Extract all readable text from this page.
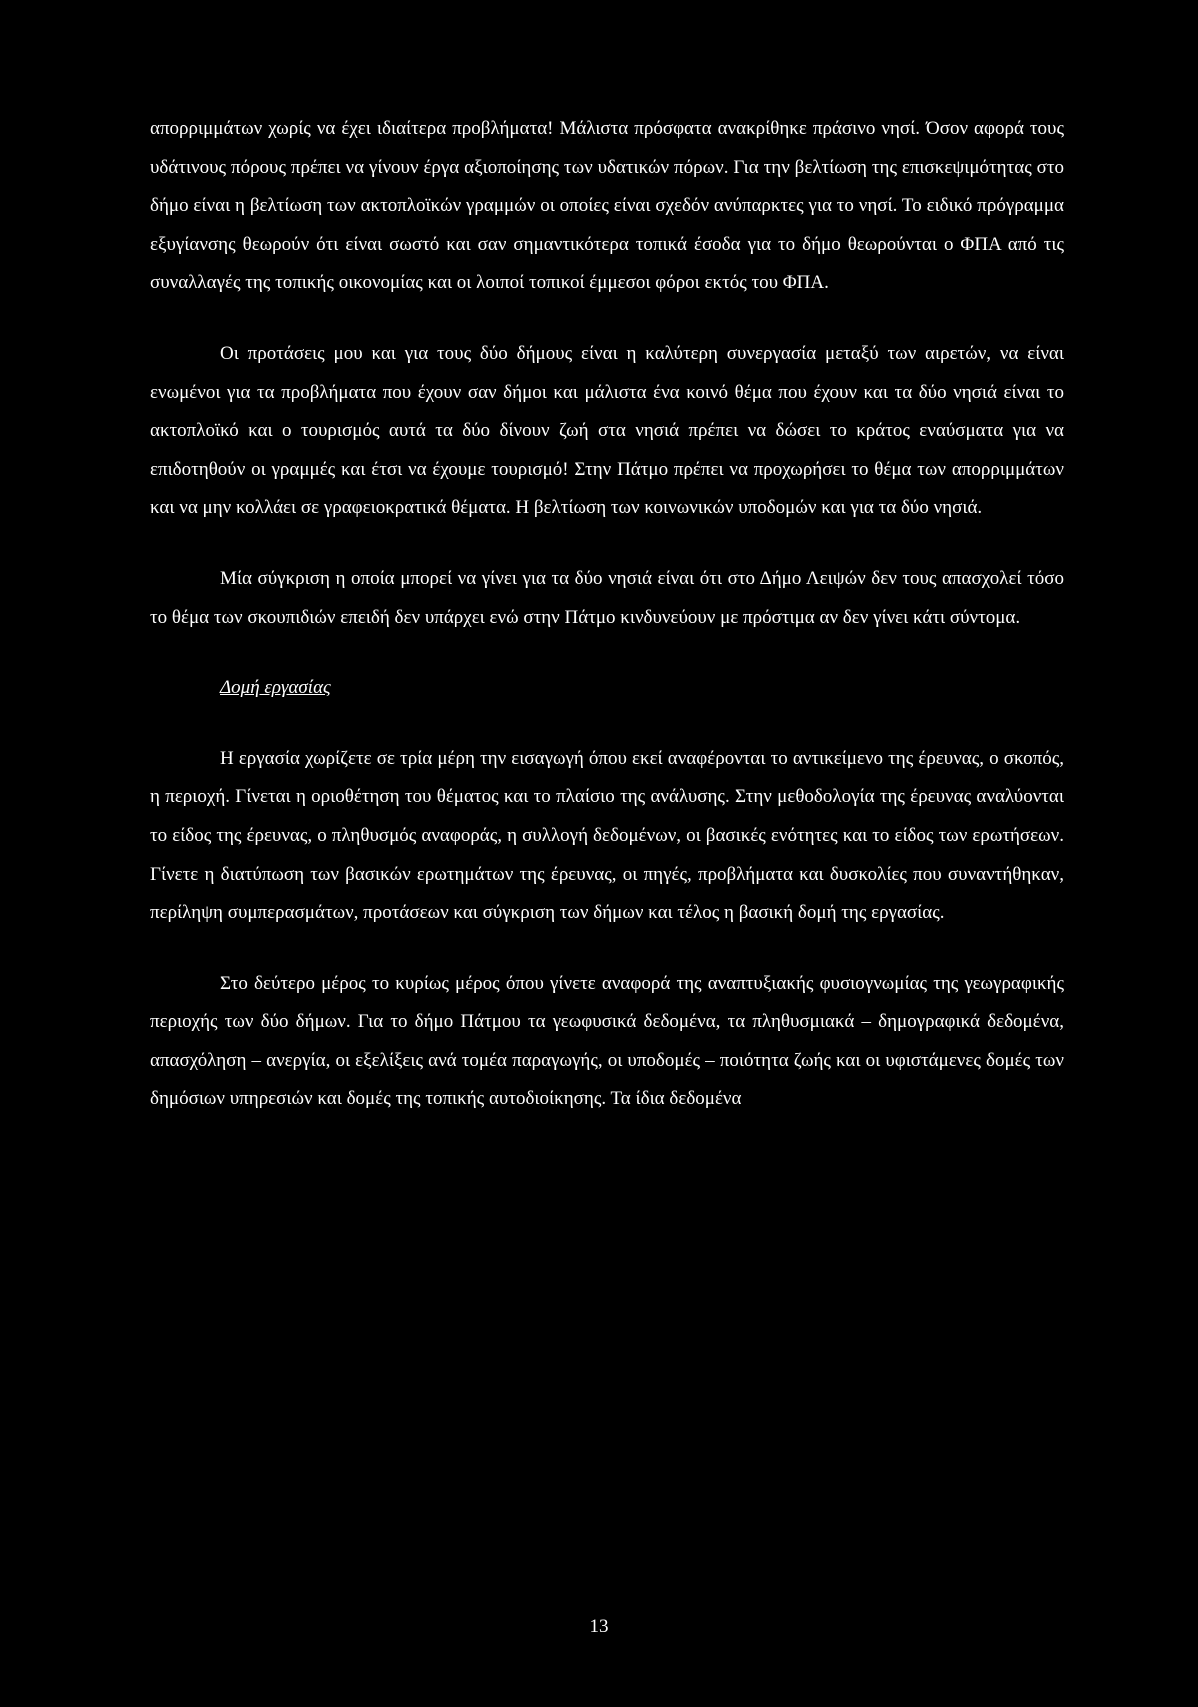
απορριμμάτων χωρίς να έχει ιδιαίτερα προβλήματα! Μάλιστα πρόσφατα ανακρίθηκε πράσινο νησί. Όσον αφορά τους υδάτινους πόρους πρέπει να γίνουν έργα αξιοποίησης των υδατικών πόρων. Για την βελτίωση της επισκεψιμότητας στο δήμο είναι η βελτίωση των ακτοπλοϊκών γραμμών οι οποίες είναι σχεδόν ανύπαρκτες για το νησί. Το ειδικό πρόγραμμα εξυγίανσης θεωρούν ότι είναι σωστό και σαν σημαντικότερα τοπικά έσοδα για το δήμο θεωρούνται ο ΦΠΑ από τις συναλλαγές της τοπικής οικονομίας και οι λοιποί τοπικοί έμμεσοι φόροι εκτός του ΦΠΑ.

Οι προτάσεις μου και για τους δύο δήμους είναι η καλύτερη συνεργασία μεταξύ των αιρετών, να είναι ενωμένοι για τα προβλήματα που έχουν σαν δήμοι και μάλιστα ένα κοινό θέμα που έχουν και τα δύο νησιά είναι το ακτοπλοϊκό και ο τουρισμός αυτά τα δύο δίνουν ζωή στα νησιά πρέπει να δώσει το κράτος εναύσματα για να επιδοτηθούν οι γραμμές και έτσι να έχουμε τουρισμό! Στην Πάτμο πρέπει να προχωρήσει το θέμα των απορριμμάτων και να μην κολλάει σε γραφειοκρατικά θέματα. Η βελτίωση των κοινωνικών υποδομών και για τα δύο νησιά.

Μία σύγκριση η οποία μπορεί να γίνει για τα δύο νησιά είναι ότι στο Δήμο Λειψών δεν τους απασχολεί τόσο το θέμα των σκουπιδιών επειδή δεν υπάρχει ενώ στην Πάτμο κινδυνεύουν με πρόστιμα αν δεν γίνει κάτι σύντομα.

Δομή εργασίας

Η εργασία χωρίζετε σε τρία μέρη την εισαγωγή όπου εκεί αναφέρονται το αντικείμενο της έρευνας, ο σκοπός, η περιοχή. Γίνεται η οριοθέτηση του θέματος και το πλαίσιο της ανάλυσης. Στην μεθοδολογία της έρευνας αναλύονται το είδος της έρευνας, ο πληθυσμός αναφοράς, η συλλογή δεδομένων, οι βασικές ενότητες και το είδος των ερωτήσεων. Γίνετε η διατύπωση των βασικών ερωτημάτων της έρευνας, οι πηγές, προβλήματα και δυσκολίες που συναντήθηκαν, περίληψη συμπερασμάτων, προτάσεων και σύγκριση των δήμων και τέλος η βασική δομή της εργασίας.

Στο δεύτερο μέρος το κυρίως μέρος όπου γίνετε αναφορά της αναπτυξιακής φυσιογνωμίας της γεωγραφικής περιοχής των δύο δήμων. Για το δήμο Πάτμου τα γεωφυσικά δεδομένα, τα πληθυσμιακά – δημογραφικά δεδομένα, απασχόληση – ανεργία, οι εξελίξεις ανά τομέα παραγωγής, οι υποδομές – ποιότητα ζωής και οι υφιστάμενες δομές των δημόσιων υπηρεσιών και δομές της τοπικής αυτοδιοίκησης. Τα ίδια δεδομένα

13
